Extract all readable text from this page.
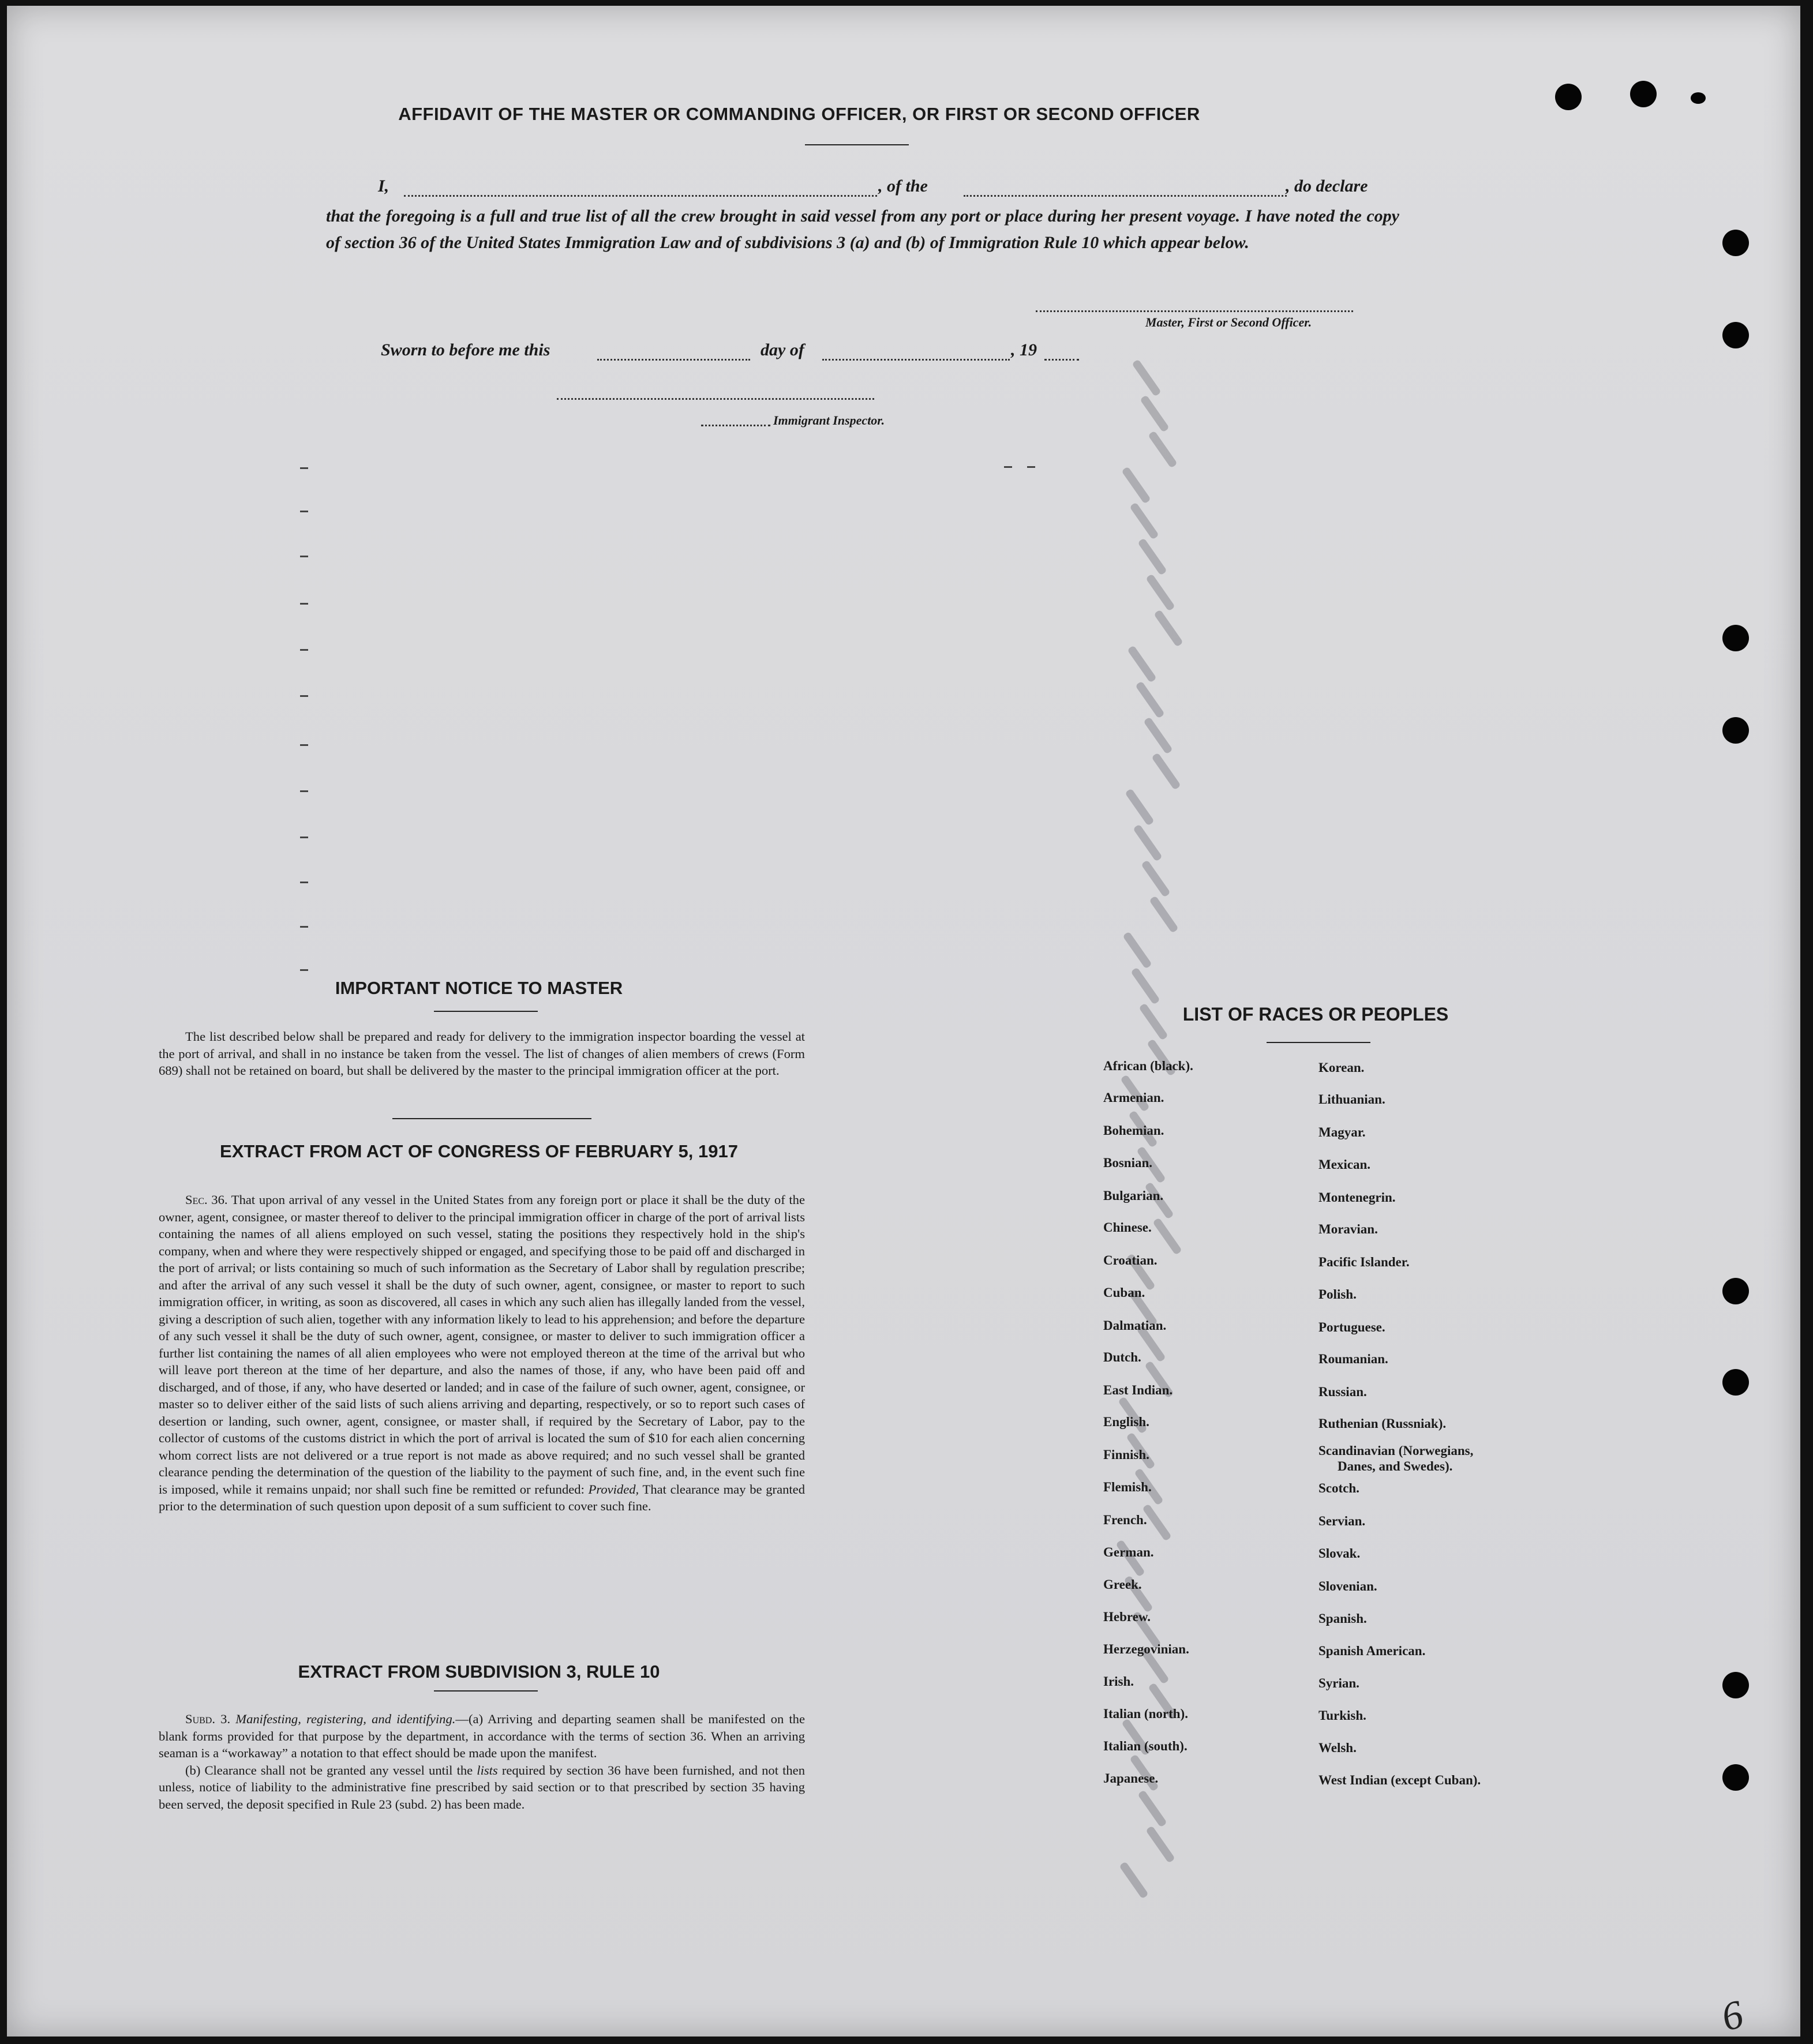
AFFIDAVIT OF THE MASTER OR COMMANDING OFFICER, OR FIRST OR SECOND OFFICER
I,	, of the	, do declare
that the foregoing is a full and true list of all the crew brought in said vessel from any port or place during her present voyage. I have noted the copy of section 36 of the United States Immigration Law and of subdivisions 3 (a) and (b) of Immigration Rule 10 which appear below.
Master, First or Second Officer.
Sworn to before me this	day of	, 19
Immigrant Inspector.
IMPORTANT NOTICE TO MASTER

The list described below shall be prepared and ready for delivery to the immigration inspector boarding the vessel at the port of arrival, and shall in no instance be taken from the vessel. The list of changes of alien members of crews (Form 689) shall not be retained on board, but shall be delivered by the master to the principal immigration officer at the port.

EXTRACT FROM ACT OF CONGRESS OF FEBRUARY 5, 1917

Sec. 36. That upon arrival of any vessel in the United States from any foreign port or place it shall be the duty of the owner, agent, consignee, or master thereof to deliver to the principal immigration officer in charge of the port of arrival lists containing the names of all aliens employed on such vessel, stating the positions they respectively hold in the ship's company, when and where they were respectively shipped or engaged, and specifying those to be paid off and discharged in the port of arrival; or lists containing so much of such information as the Secretary of Labor shall by regulation prescribe; and after the arrival of any such vessel it shall be the duty of such owner, agent, consignee, or master to report to such immigration officer, in writing, as soon as discovered, all cases in which any such alien has illegally landed from the vessel, giving a description of such alien, together with any information likely to lead to his apprehension; and before the departure of any such vessel it shall be the duty of such owner, agent, consignee, or master to deliver to such immigration officer a further list containing the names of all alien employees who were not employed thereon at the time of the arrival but who will leave port thereon at the time of her departure, and also the names of those, if any, who have been paid off and discharged, and of those, if any, who have deserted or landed; and in case of the failure of such owner, agent, consignee, or master so to deliver either of the said lists of such aliens arriving and departing, respectively, or so to report such cases of desertion or landing, such owner, agent, consignee, or master shall, if required by the Secretary of Labor, pay to the collector of customs of the customs district in which the port of arrival is located the sum of $10 for each alien concerning whom correct lists are not delivered or a true report is not made as above required; and no such vessel shall be granted clearance pending the determination of the question of the liability to the payment of such fine, and, in the event such fine is imposed, while it remains unpaid; nor shall such fine be remitted or refunded: Provided, That clearance may be granted prior to the determination of such question upon deposit of a sum sufficient to cover such fine.

EXTRACT FROM SUBDIVISION 3, RULE 10

Subd. 3. Manifesting, registering, and identifying.—(a) Arriving and departing seamen shall be manifested on the blank forms provided for that purpose by the department, in accordance with the terms of section 36. When an arriving seaman is a “workaway” a notation to that effect should be made upon the manifest.

(b) Clearance shall not be granted any vessel until the lists required by section 36 have been furnished, and not then unless, notice of liability to the administrative fine prescribed by said section or to that prescribed by section 35 having been served, the deposit specified in Rule 23 (subd. 2) has been made.

LIST OF RACES OR PEOPLES
African (black).
Armenian.
Bohemian.
Bosnian.
Bulgarian.
Chinese.
Croatian.
Cuban.
Dalmatian.
Dutch.
East Indian.
English.
Finnish.
Flemish.
French.
German.
Greek.
Hebrew.
Herzegovinian.
Irish.
Italian (north).
Italian (south).
Japanese.
Korean.
Lithuanian.
Magyar.
Mexican.
Montenegrin.
Moravian.
Pacific Islander.
Polish.
Portuguese.
Roumanian.
Russian.
Ruthenian (Russniak).
Scandinavian (Norwegians,
Danes, and Swedes).
Scotch.
Servian.
Slovak.
Slovenian.
Spanish.
Spanish American.
Syrian.
Turkish.
Welsh.
West Indian (except Cuban).
6
